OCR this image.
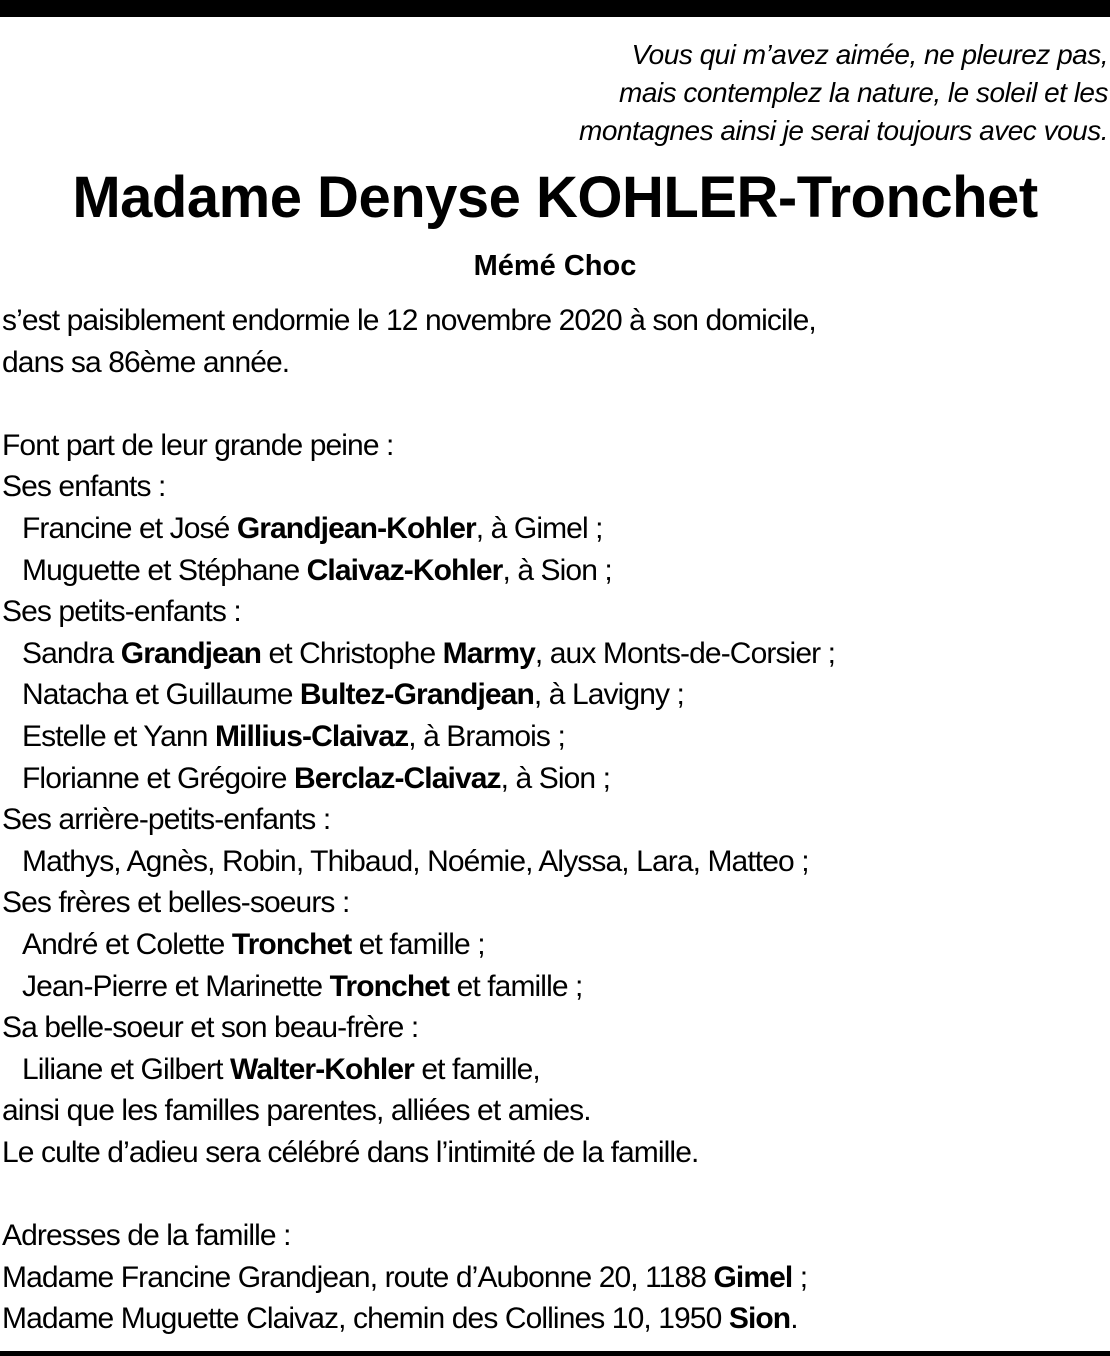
Vous qui m’avez aimée, ne pleurez pas,
mais contemplez la nature, le soleil et les
montagnes ainsi je serai toujours avec vous.
Madame Denyse KOHLER-Tronchet
Mémé Choc
s’est paisiblement endormie le 12 novembre 2020 à son domicile,
dans sa 86ème année.
Font part de leur grande peine :
Ses enfants :
Francine et José Grandjean-Kohler, à Gimel ;
Muguette et Stéphane Claivaz-Kohler, à Sion ;
Ses petits-enfants :
Sandra Grandjean et Christophe Marmy, aux Monts-de-Corsier ;
Natacha et Guillaume Bultez-Grandjean, à Lavigny ;
Estelle et Yann Millius-Claivaz, à Bramois ;
Florianne et Grégoire Berclaz-Claivaz, à Sion ;
Ses arrière-petits-enfants :
Mathys, Agnès, Robin, Thibaud, Noémie, Alyssa, Lara, Matteo ;
Ses frères et belles-soeurs :
André et Colette Tronchet et famille ;
Jean-Pierre et Marinette Tronchet et famille ;
Sa belle-soeur et son beau-frère :
Liliane et Gilbert Walter-Kohler et famille,
ainsi que les familles parentes, alliées et amies.
Le culte d’adieu sera célébré dans l’intimité de la famille.
Adresses de la famille :
Madame Francine Grandjean, route d’Aubonne 20, 1188 Gimel ;
Madame Muguette Claivaz, chemin des Collines 10, 1950 Sion.
